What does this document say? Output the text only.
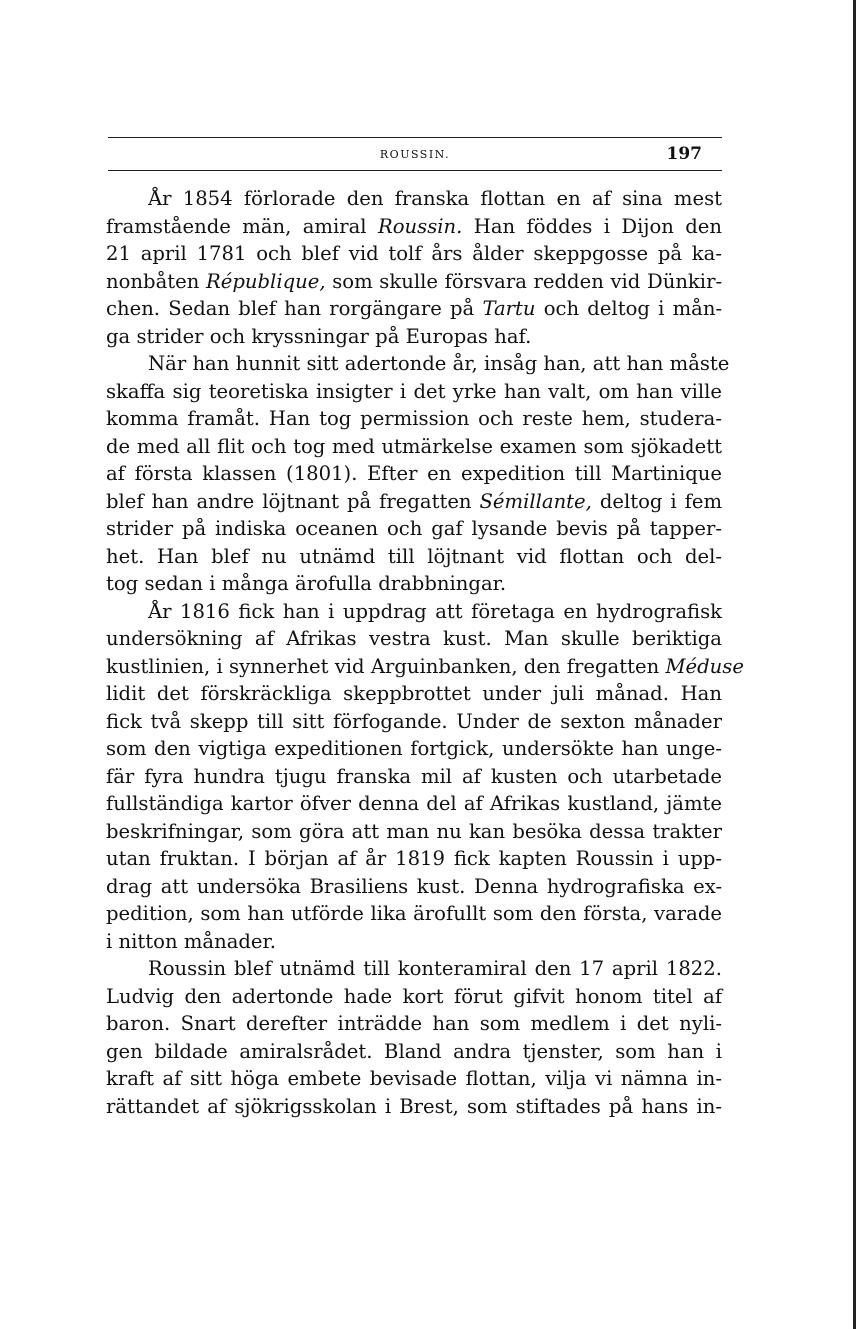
ROUSSIN.	197
År 1854 förlorade den franska flottan en af sina mest
framstående män, amiral Roussin. Han föddes i Dijon den
21 april 1781 och blef vid tolf års ålder skeppgosse på ka-
nonbåten République, som skulle försvara redden vid Dünkir-
chen. Sedan blef han rorgängare på Tartu och deltog i mån-
ga strider och kryssningar på Europas haf.
När han hunnit sitt adertonde år, insåg han, att han måste
skaffa sig teoretiska insigter i det yrke han valt, om han ville
komma framåt. Han tog permission och reste hem, studera-
de med all flit och tog med utmärkelse examen som sjökadett
af första klassen (1801). Efter en expedition till Martinique
blef han andre löjtnant på fregatten Sémillante, deltog i fem
strider på indiska oceanen och gaf lysande bevis på tapper-
het. Han blef nu utnämd till löjtnant vid flottan och del-
tog sedan i många ärofulla drabbningar.
År 1816 fick han i uppdrag att företaga en hydrografisk
undersökning af Afrikas vestra kust. Man skulle beriktiga
kustlinien, i synnerhet vid Arguinbanken, den fregatten Méduse
lidit det förskräckliga skeppbrottet under juli månad. Han
fick två skepp till sitt förfogande. Under de sexton månader
som den vigtiga expeditionen fortgick, undersökte han unge-
fär fyra hundra tjugu franska mil af kusten och utarbetade
fullständiga kartor öfver denna del af Afrikas kustland, jämte
beskrifningar, som göra att man nu kan besöka dessa trakter
utan fruktan. I början af år 1819 fick kapten Roussin i upp-
drag att undersöka Brasiliens kust. Denna hydrografiska ex-
pedition, som han utförde lika ärofullt som den första, varade
i nitton månader.
Roussin blef utnämd till konteramiral den 17 april 1822.
Ludvig den adertonde hade kort förut gifvit honom titel af
baron. Snart derefter inträdde han som medlem i det nyli-
gen bildade amiralsrådet. Bland andra tjenster, som han i
kraft af sitt höga embete bevisade flottan, vilja vi nämna in-
rättandet af sjökrigsskolan i Brest, som stiftades på hans in-
